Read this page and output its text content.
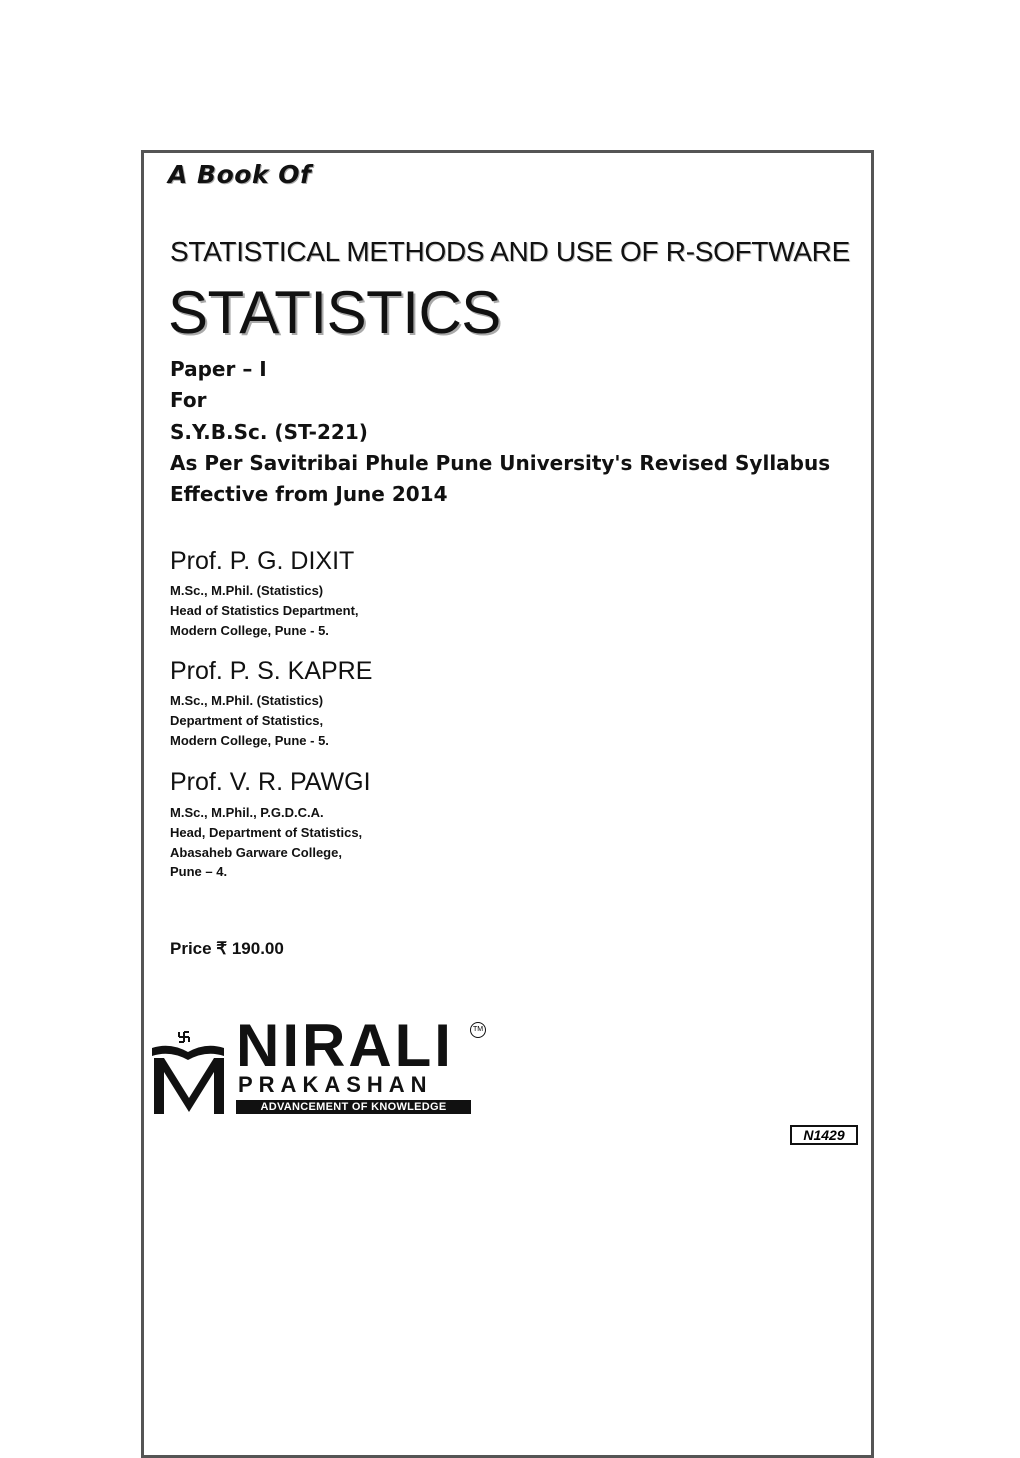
A Book Of
STATISTICAL METHODS AND USE OF R-SOFTWARE
STATISTICS
Paper – I
For
S.Y.B.Sc. (ST-221)
As Per Savitribai Phule Pune University's Revised Syllabus
Effective from June 2014
Prof. P. G. DIXIT
M.Sc., M.Phil. (Statistics)
Head of Statistics Department,
Modern College, Pune - 5.
Prof. P. S. KAPRE
M.Sc., M.Phil. (Statistics)
Department of Statistics,
Modern College, Pune - 5.
Prof. V. R. PAWGI
M.Sc., M.Phil., P.G.D.C.A.
Head, Department of Statistics,
Abasaheb Garware College,
Pune – 4.
Price ₹ 190.00
NIRALI	TM
PRAKASHAN
ADVANCEMENT OF KNOWLEDGE
N1429
